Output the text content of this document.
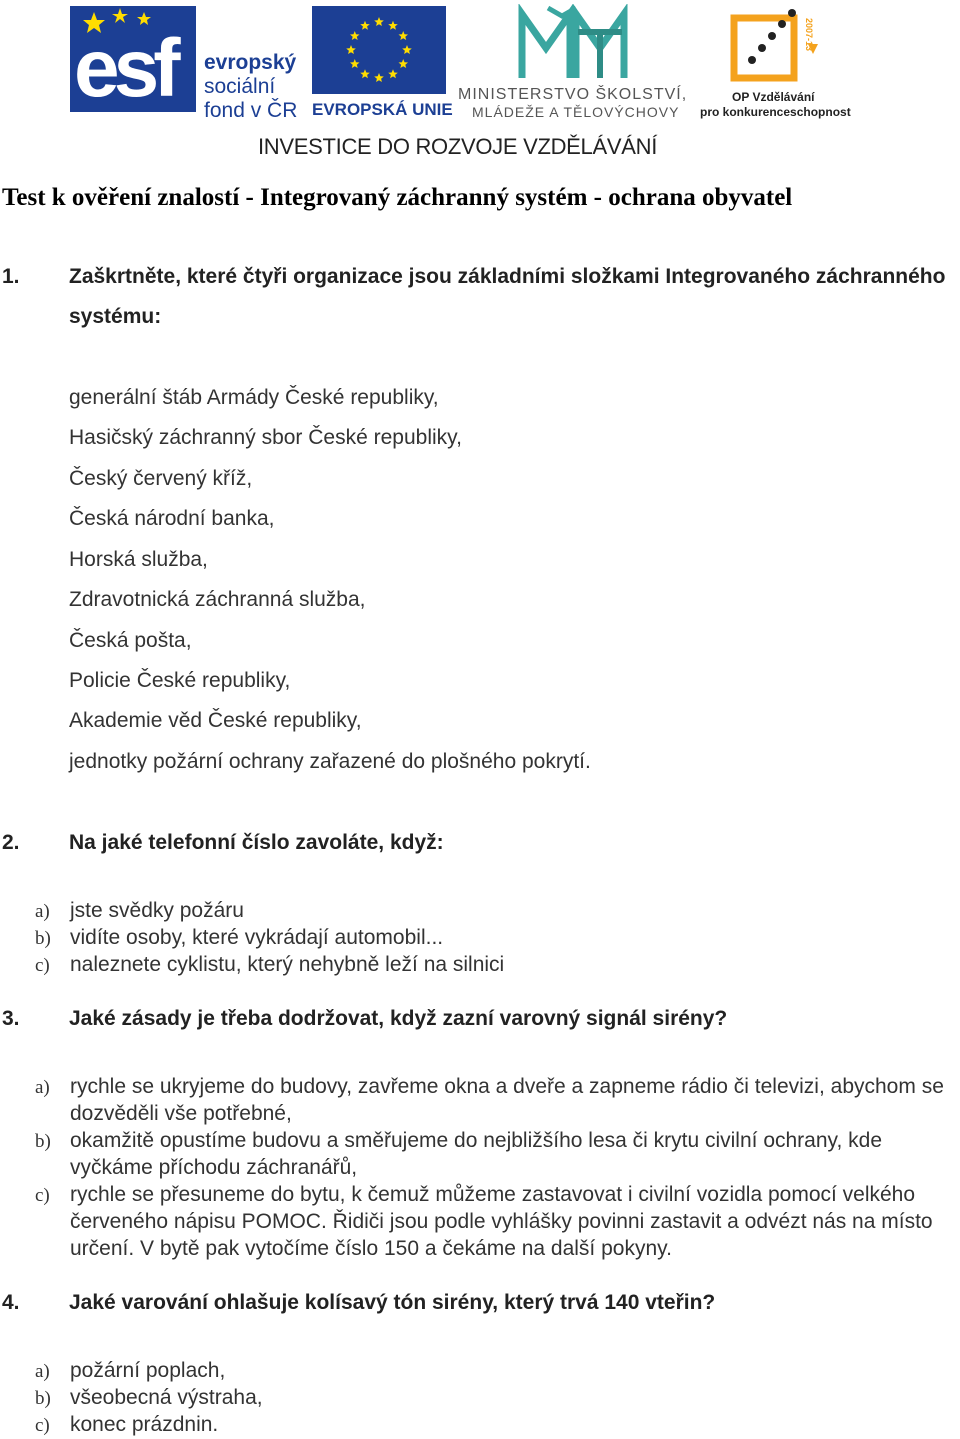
esf evropský
sociální
fond v ČR EVROPSKÁ UNIE
MINISTERSTVO ŠKOLSTVÍ,
MLÁDEŽE A TĚLOVÝCHOVY
2007-13
OP Vzdělávání
pro konkurenceschopnost
INVESTICE DO ROZVOJE VZDĚLÁVÁNÍ
Test k ověření znalostí - Integrovaný záchranný systém - ochrana obyvatel
1. Zaškrtněte, které čtyři organizace jsou základními složkami Integrovaného záchranného systému:
generální štáb Armády České republiky,
Hasičský záchranný sbor České republiky,
Český červený kříž,
Česká národní banka,
Horská služba,
Zdravotnická záchranná služba,
Česká pošta,
Policie České republiky,
Akademie věd České republiky,
jednotky požární ochrany zařazené do plošného pokrytí.
2. Na jaké telefonní číslo zavoláte, když:
a) jste svědky požáru
b) vidíte osoby, které vykrádají automobil...
c) naleznete cyklistu, který nehybně leží na silnici
3. Jaké zásady je třeba dodržovat, když zazní varovný signál sirény?
a) rychle se ukryjeme do budovy, zavřeme okna a dveře a zapneme rádio či televizi, abychom se dozvěděli vše potřebné,
b) okamžitě opustíme budovu a směřujeme do nejbližšího lesa či krytu civilní ochrany, kde vyčkáme příchodu záchranářů,
c) rychle se přesuneme do bytu, k čemuž můžeme zastavovat i civilní vozidla pomocí velkého červeného nápisu POMOC. Řidiči jsou podle vyhlášky povinni zastavit a odvézt nás na místo určení. V bytě pak vytočíme číslo 150 a čekáme na další pokyny.
4. Jaké varování ohlašuje kolísavý tón sirény, který trvá 140 vteřin?
a) požární poplach,
b) všeobecná výstraha,
c) konec prázdnin.
